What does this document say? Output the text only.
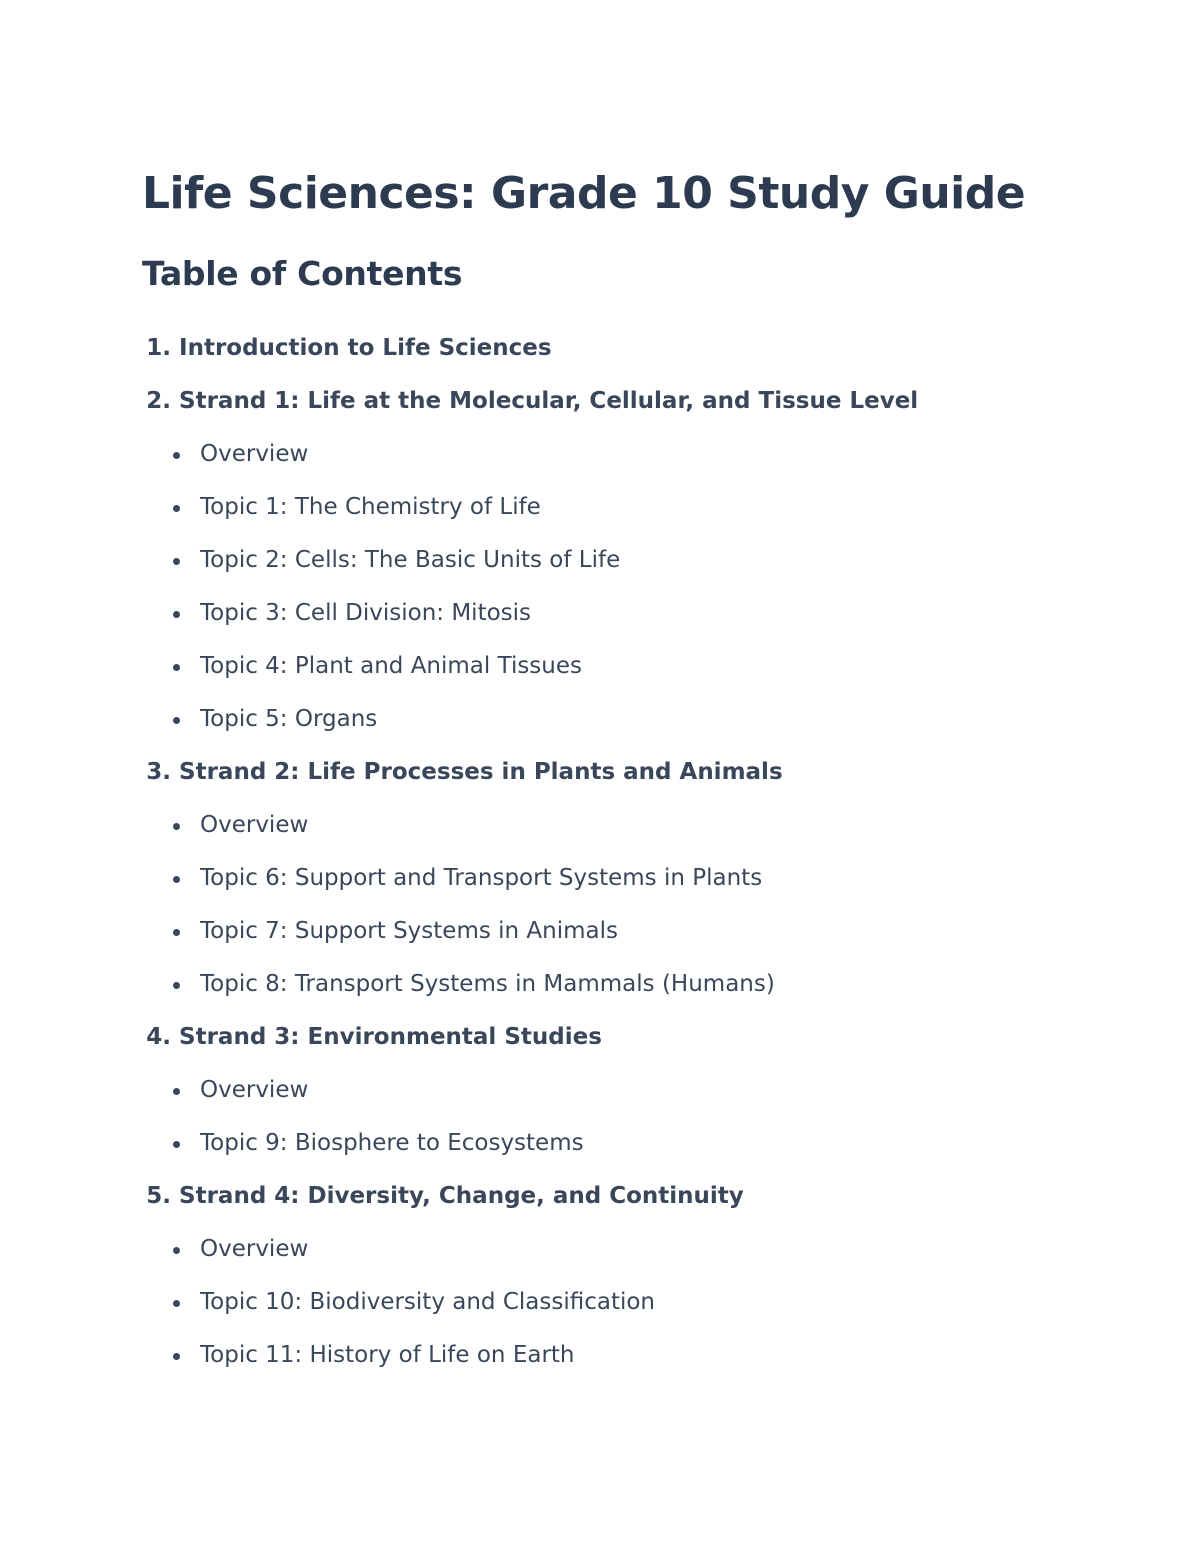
Life Sciences: Grade 10 Study Guide
Table of Contents
1. Introduction to Life Sciences
2. Strand 1: Life at the Molecular, Cellular, and Tissue Level
Overview
Topic 1: The Chemistry of Life
Topic 2: Cells: The Basic Units of Life
Topic 3: Cell Division: Mitosis
Topic 4: Plant and Animal Tissues
Topic 5: Organs
3. Strand 2: Life Processes in Plants and Animals
Overview
Topic 6: Support and Transport Systems in Plants
Topic 7: Support Systems in Animals
Topic 8: Transport Systems in Mammals (Humans)
4. Strand 3: Environmental Studies
Overview
Topic 9: Biosphere to Ecosystems
5. Strand 4: Diversity, Change, and Continuity
Overview
Topic 10: Biodiversity and Classification
Topic 11: History of Life on Earth
